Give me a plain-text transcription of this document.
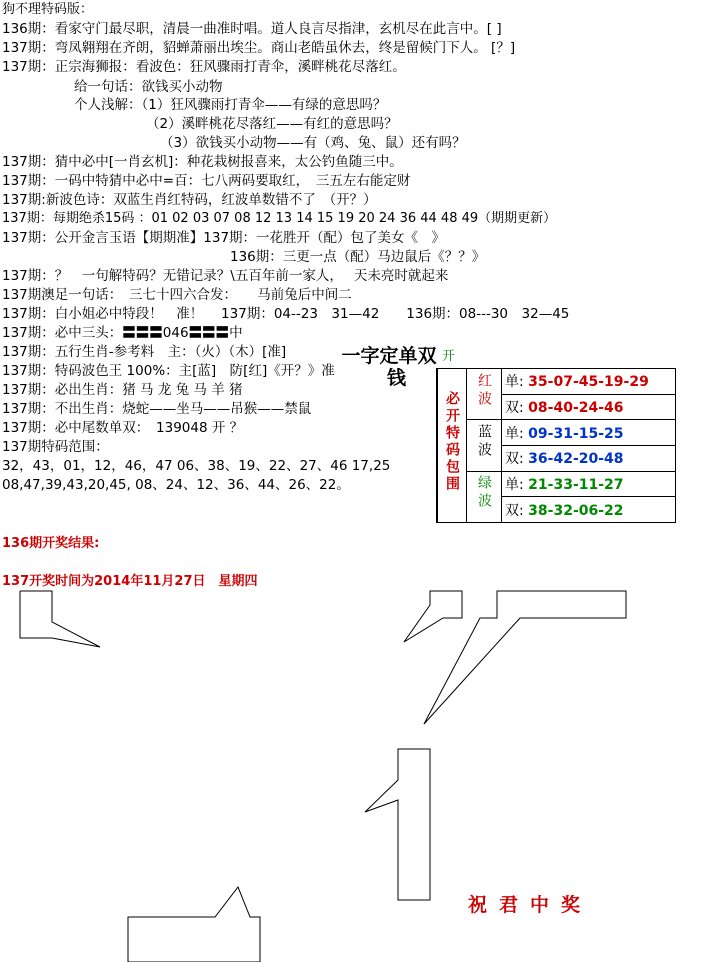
狗不理特码版：
136期：看家守门最尽职，清晨一曲准时唱。道人良言尽指津，玄机尽在此言中。[ ]
137期：弯凤翱翔在齐朗，貂蝉萧丽出埃尘。商山老皓虽休去，终是留候门下人。 [？]
137期：正宗海狮报：看波色：狂风骤雨打青伞，溪畔桃花尽落红。
给一句话：欲钱买小动物
个人浅解：（1）狂风骤雨打青伞——有绿的意思吗？
（2）溪畔桃花尽落红——有红的意思吗？
（3）欲钱买小动物——有（鸡、兔、鼠）还有吗？
137期：猜中必中[一肖玄机]：种花栽树报喜来，太公钓鱼随三中。
137期：一码中特猜中必中=百：七八两码要取红，　三五左右能定财
137期:新波色诗：双蓝生肖红特码，红波单数错不了　（开？）
137期：每期绝杀15码 ：01 02 03 07 08 12 13 14 15 19 20 24 36 44 48 49（期期更新）
137期：公开金言玉语【期期准】137期：一花胜开（配）包了美女《　》
136期：三更一点（配）马边鼠后《？？》
137期：？　一句解特码？无错记录？\五百年前一家人，　 天未亮时就起来
137期澳足一句话：　三七十四六合发：　　马前兔后中间二
137期：白小姐必中特段！　准！　 137期：04--23　31—42　　136期：08---30　32—45
137期：必中三头：〓〓〓046〓〓〓中
137期：五行生肖-参考料　主：（火）（木）[准]
137期：特码波色王 100%：主[蓝]　防[红]《开？》准
137期：必出生肖：猪 马 龙 兔 马 羊 猪
137期：不出生肖：烧蛇——坐马——吊猴——禁鼠
137期：必中尾数单双：　139048 开 ？
137期特码范围：
32，43，01，12，46，47 06、38、19、22、27、46 17,25
08,47,39,43,20,45, 08、24、12、36、44、26、22。
一字定单双
钱
开
必开特码包围	红波	单: 35-07-45-19-29
		双: 08-40-24-46
	蓝波	单: 09-31-15-25
		双: 36-42-20-48
	绿波	单: 21-33-11-27
		双: 38-32-06-22
136期开奖结果:
137开奖时间为2014年11月27日　星期四
祝君中奖
